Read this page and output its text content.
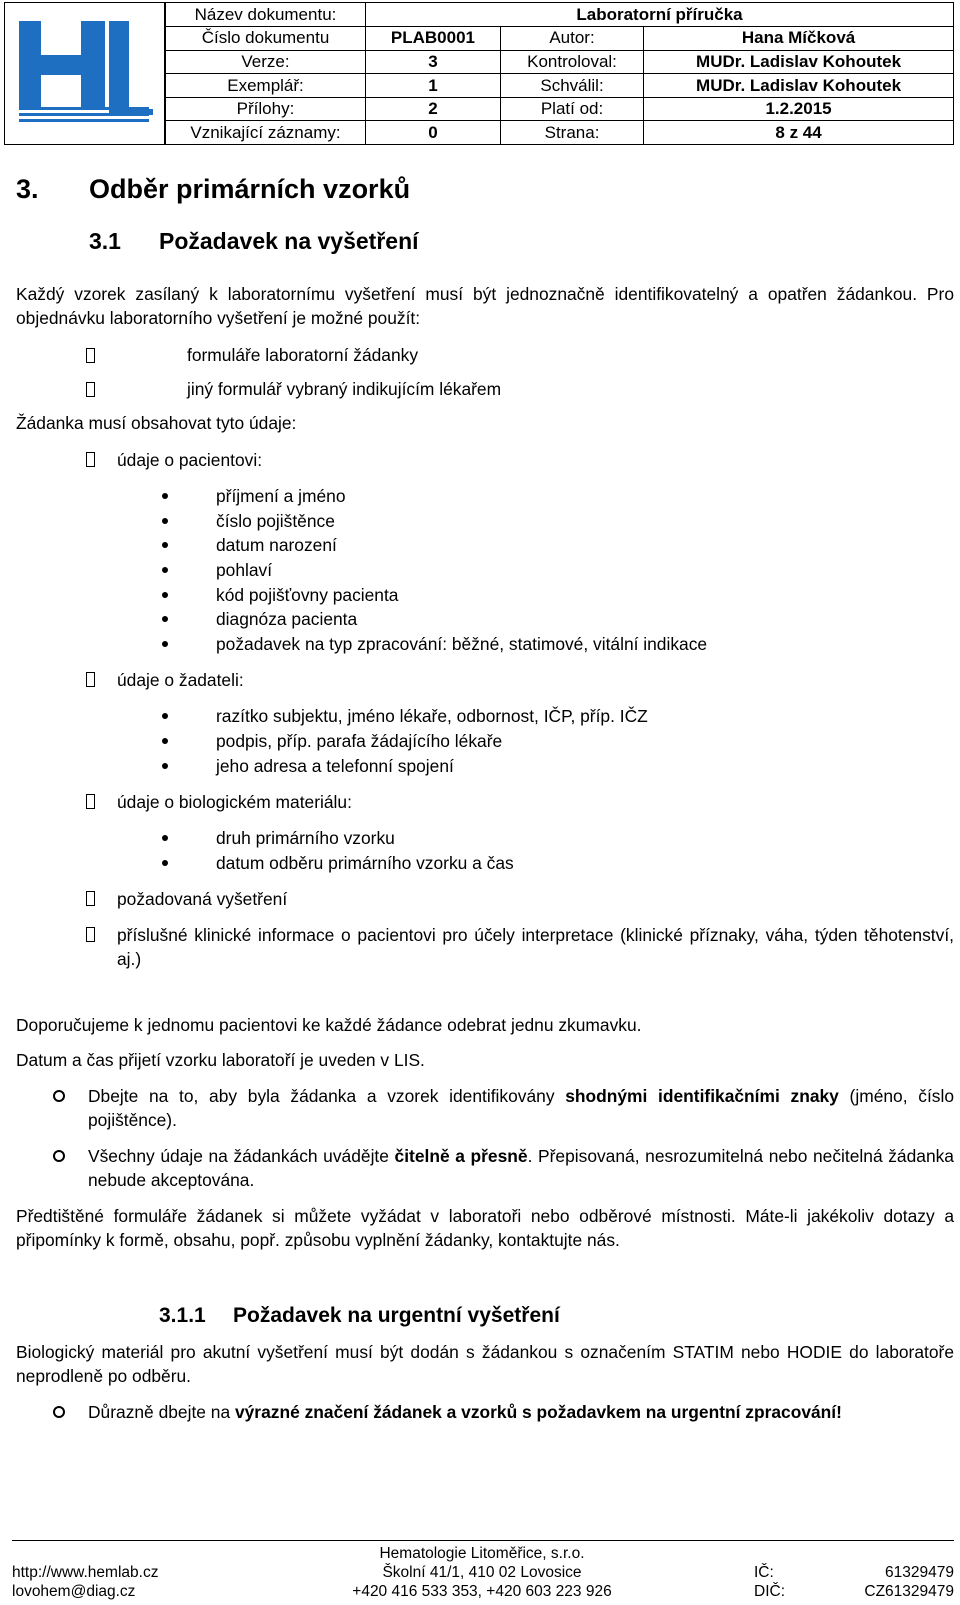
Název dokumentu:	Laboratorní příručka		
Číslo dokumentu	PLAB0001	Autor:	Hana Míčková
Verze:	3	Kontroloval:	MUDr. Ladislav Kohoutek
Exemplář:	1	Schválil:	MUDr. Ladislav Kohoutek
Přílohy:	2	Platí od:	1.2.2015
Vznikající záznamy:	0	Strana:	8 z 44
3.	Odběr primárních vzorků
3.1	Požadavek na vyšetření

Každý vzorek zasílaný k laboratornímu vyšetření musí být jednoznačně identifikovatelný a opatřen žádankou. Pro objednávku laboratorního vyšetření je možné použít:

formuláře laboratorní žádanky
jiný formulář vybraný indikujícím lékařem

Žádanka musí obsahovat tyto údaje:

údaje o pacientovi:
příjmení a jméno
číslo pojištěnce
datum narození
pohlaví
kód pojišťovny pacienta
diagnóza pacienta
požadavek na typ zpracování: běžné, statimové, vitální indikace
údaje o žadateli:
razítko subjektu, jméno lékaře, odbornost, IČP, příp. IČZ
podpis, příp. parafa žádajícího lékaře
jeho adresa a telefonní spojení
údaje o biologickém materiálu:
druh primárního vzorku
datum odběru primárního vzorku a čas
požadovaná vyšetření
příslušné klinické informace o pacientovi pro účely interpretace (klinické příznaky, váha, týden těhotenství, aj.)

Doporučujeme k jednomu pacientovi ke každé žádance odebrat jednu zkumavku.

Datum a čas přijetí vzorku laboratoří je uveden v LIS.

Dbejte na to, aby byla žádanka a vzorek identifikovány shodnými identifikačními znaky (jméno, číslo pojištěnce).
Všechny údaje na žádankách uvádějte čitelně a přesně. Přepisovaná, nesrozumitelná nebo nečitelná žádanka nebude akceptována.

Předtištěné formuláře žádanek si můžete vyžádat v laboratoři nebo odběrové místnosti. Máte-li jakékoliv dotazy a připomínky k formě, obsahu, popř. způsobu vyplnění žádanky, kontaktujte nás.

3.1.1	Požadavek na urgentní vyšetření

Biologický materiál pro akutní vyšetření musí být dodán s žádankou s označením STATIM nebo HODIE do laboratoře neprodleně po odběru.

Důrazně dbejte na výrazné značení žádanek a vzorků s požadavkem na urgentní zpracování!
Hematologie Litoměřice, s.r.o.
Školní 41/1, 410 02 Lovosice
+420 416 533 353, +420 603 223 926
http://www.hemlab.cz
lovohem@diag.cz
IČ:	61329479
DIČ:	CZ61329479
